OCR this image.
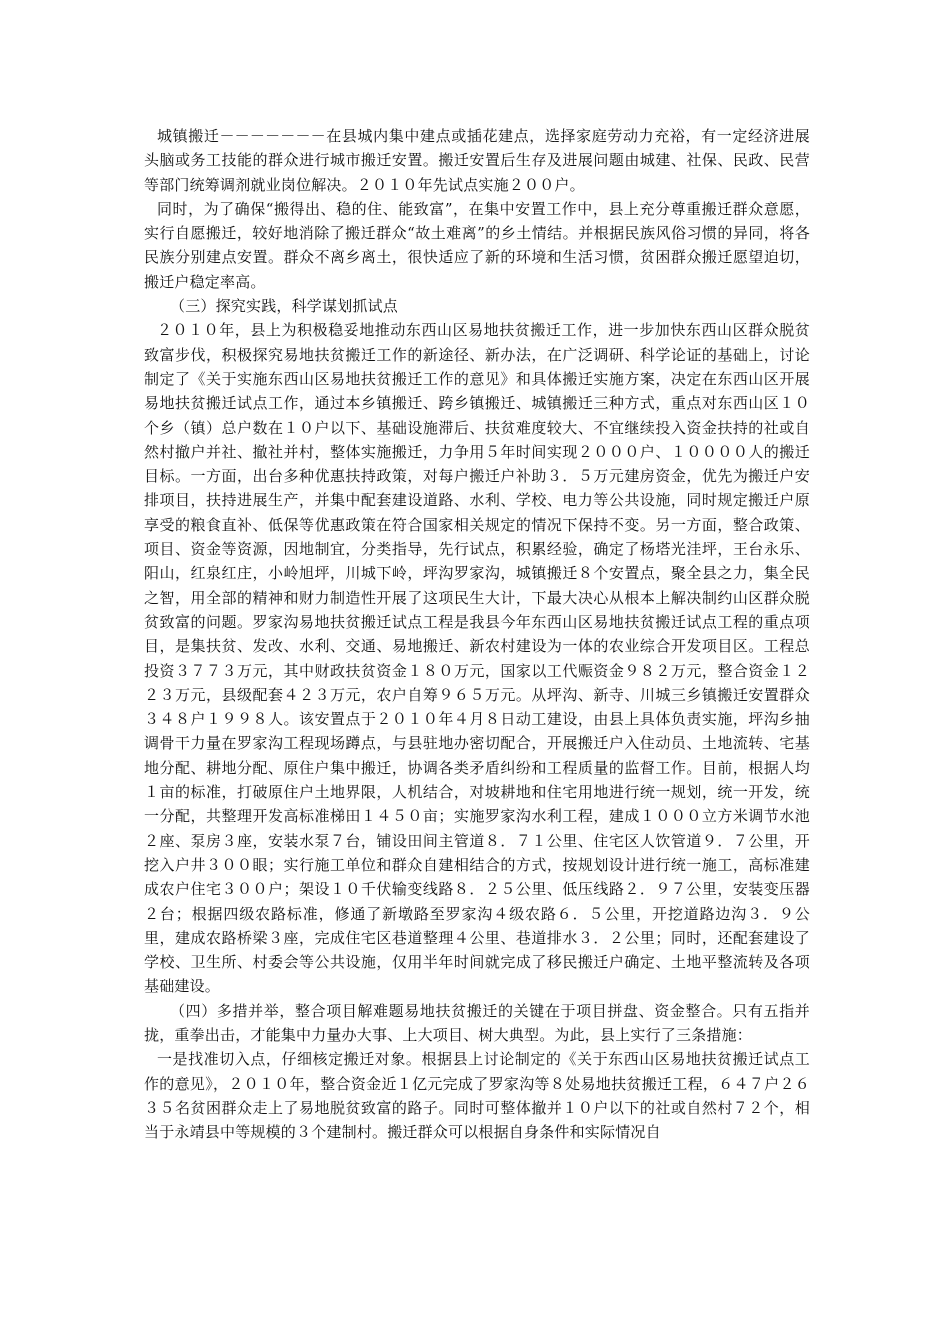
城镇搬迁－－－－－－－在县城内集中建点或插花建点，选择家庭劳动力充裕，有一定经济进展头脑或务工技能的群众进行城市搬迁安置。搬迁安置后生存及进展问题由城建、社保、民政、民营等部门统筹调剂就业岗位解决。２０１０年先试点实施２００户。

同时，为了确保“搬得出、稳的住、能致富”，在集中安置工作中，县上充分尊重搬迁群众意愿，实行自愿搬迁，较好地消除了搬迁群众“故土难离”的乡土情结。并根据民族风俗习惯的异同，将各民族分别建点安置。群众不离乡离土，很快适应了新的环境和生活习惯，贫困群众搬迁愿望迫切，搬迁户稳定率高。

（三）探究实践，科学谋划抓试点

２０１０年，县上为积极稳妥地推动东西山区易地扶贫搬迁工作，进一步加快东西山区群众脱贫致富步伐，积极探究易地扶贫搬迁工作的新途径、新办法，在广泛调研、科学论证的基础上，讨论制定了《关于实施东西山区易地扶贫搬迁工作的意见》和具体搬迁实施方案，决定在东西山区开展易地扶贫搬迁试点工作，通过本乡镇搬迁、跨乡镇搬迁、城镇搬迁三种方式，重点对东西山区１０个乡（镇）总户数在１０户以下、基础设施滞后、扶贫难度较大、不宜继续投入资金扶持的社或自然村撤户并社、撤社并村，整体实施搬迁，力争用５年时间实现２０００户、１００００人的搬迁目标。一方面，出台多种优惠扶持政策，对每户搬迁户补助３．５万元建房资金，优先为搬迁户安排项目，扶持进展生产，并集中配套建设道路、水利、学校、电力等公共设施，同时规定搬迁户原享受的粮食直补、低保等优惠政策在符合国家相关规定的情况下保持不变。另一方面，整合政策、项目、资金等资源，因地制宜，分类指导，先行试点，积累经验，确定了杨塔光洼坪，王台永乐、阳山，红泉红庄，小岭旭坪，川城下岭，坪沟罗家沟，城镇搬迁８个安置点，聚全县之力，集全民之智，用全部的精神和财力制造性开展了这项民生大计，下最大决心从根本上解决制约山区群众脱贫致富的问题。罗家沟易地扶贫搬迁试点工程是我县今年东西山区易地扶贫搬迁试点工程的重点项目，是集扶贫、发改、水利、交通、易地搬迁、新农村建设为一体的农业综合开发项目区。工程总投资３７７３万元，其中财政扶贫资金１８０万元，国家以工代赈资金９８２万元，整合资金１２２３万元，县级配套４２３万元，农户自筹９６５万元。从坪沟、新寺、川城三乡镇搬迁安置群众３４８户１９９８人。该安置点于２０１０年４月８日动工建设，由县上具体负责实施，坪沟乡抽调骨干力量在罗家沟工程现场蹲点，与县驻地办密切配合，开展搬迁户入住动员、土地流转、宅基地分配、耕地分配、原住户集中搬迁，协调各类矛盾纠纷和工程质量的监督工作。目前，根据人均１亩的标准，打破原住户土地界限，人机结合，对坡耕地和住宅用地进行统一规划，统一开发，统一分配，共整理开发高标准梯田１４５０亩；实施罗家沟水利工程，建成１０００立方米调节水池２座、泵房３座，安装水泵７台，铺设田间主管道８．７１公里、住宅区人饮管道９．７公里，开挖入户井３００眼；实行施工单位和群众自建相结合的方式，按规划设计进行统一施工，高标准建成农户住宅３００户；架设１０千伏输变线路８．２５公里、低压线路２．９７公里，安装变压器２台；根据四级农路标准，修通了新墩路至罗家沟４级农路６．５公里，开挖道路边沟３．９公里，建成农路桥梁３座，完成住宅区巷道整理４公里、巷道排水３．２公里；同时，还配套建设了学校、卫生所、村委会等公共设施，仅用半年时间就完成了移民搬迁户确定、土地平整流转及各项基础建设。

（四）多措并举，整合项目解难题易地扶贫搬迁的关键在于项目拼盘、资金整合。只有五指并拢，重拳出击，才能集中力量办大事、上大项目、树大典型。为此，县上实行了三条措施：

一是找准切入点，仔细核定搬迁对象。根据县上讨论制定的《关于东西山区易地扶贫搬迁试点工作的意见》，２０１０年，整合资金近１亿元完成了罗家沟等８处易地扶贫搬迁工程，６４７户２６３５名贫困群众走上了易地脱贫致富的路子。同时可整体撤并１０户以下的社或自然村７２个，相当于永靖县中等规模的３个建制村。搬迁群众可以根据自身条件和实际情况自
